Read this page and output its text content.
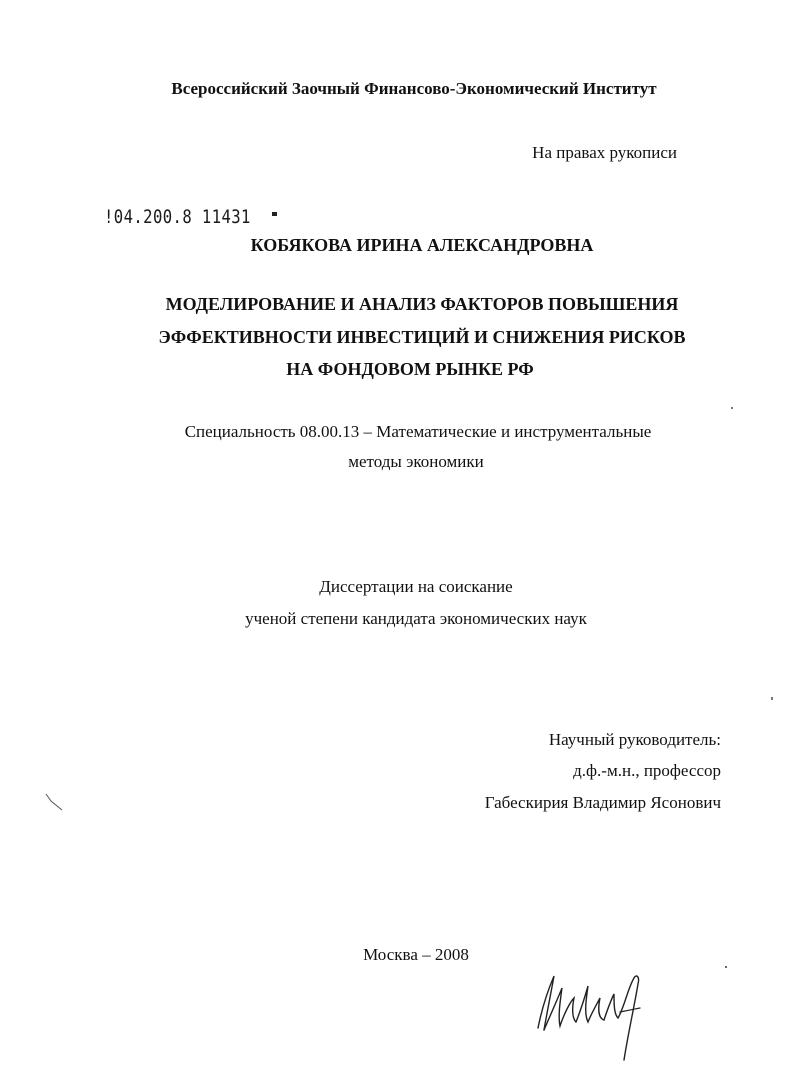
Всероссийский Заочный Финансово-Экономический Институт
На правах рукописи
!04.200.8 11431
КОБЯКОВА ИРИНА АЛЕКСАНДРОВНА
МОДЕЛИРОВАНИЕ И АНАЛИЗ ФАКТОРОВ ПОВЫШЕНИЯ
ЭФФЕКТИВНОСТИ ИНВЕСТИЦИЙ И СНИЖЕНИЯ РИСКОВ
НА ФОНДОВОМ РЫНКЕ РФ
Специальность 08.00.13 – Математические и инструментальные
методы экономики
Диссертации на соискание
ученой степени кандидата экономических наук
Научный руководитель:
д.ф.-м.н., профессор
Габескирия Владимир Ясонович
Москва – 2008
